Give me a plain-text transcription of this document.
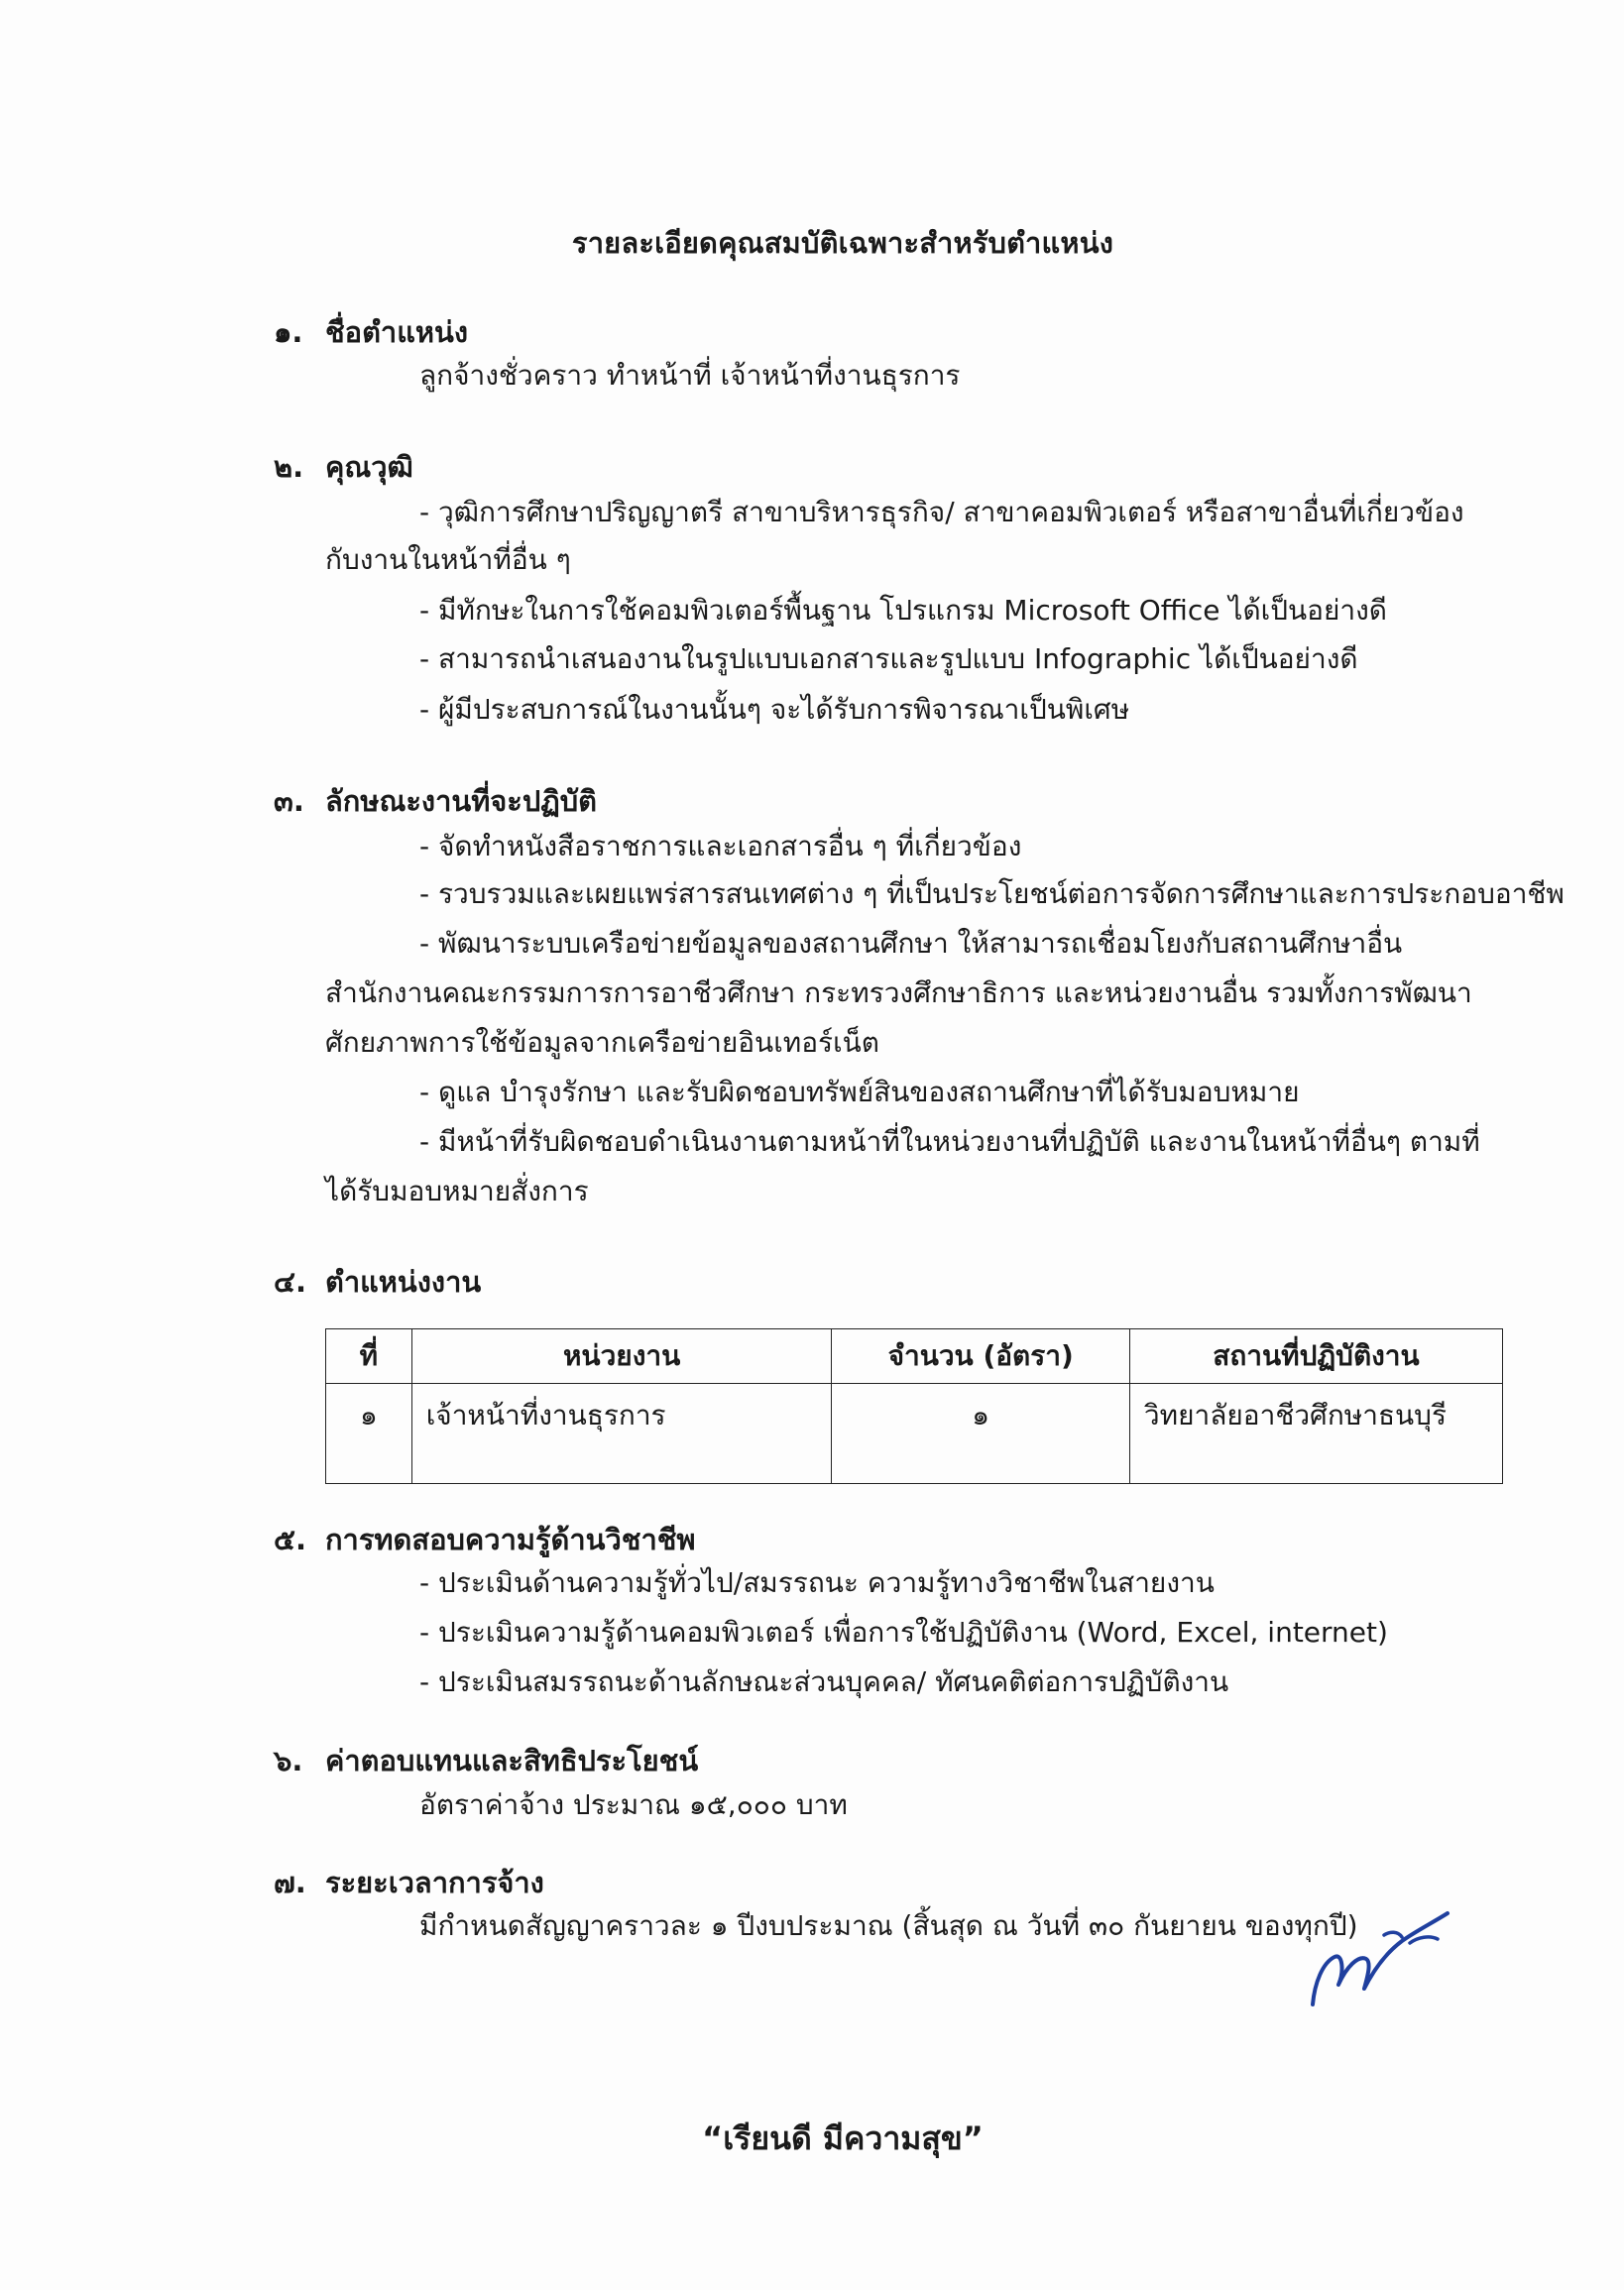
รายละเอียดคุณสมบัติเฉพาะสำหรับตำแหน่ง
๑. ชื่อตำแหน่ง
ลูกจ้างชั่วคราว ทำหน้าที่ เจ้าหน้าที่งานธุรการ
๒. คุณวุฒิ
- วุฒิการศึกษาปริญญาตรี สาขาบริหารธุรกิจ/ สาขาคอมพิวเตอร์ หรือสาขาอื่นที่เกี่ยวข้อง
กับงานในหน้าที่อื่น ๆ
- มีทักษะในการใช้คอมพิวเตอร์พื้นฐาน โปรแกรม Microsoft Office ได้เป็นอย่างดี
- สามารถนำเสนองานในรูปแบบเอกสารและรูปแบบ Infographic ได้เป็นอย่างดี
- ผู้มีประสบการณ์ในงานนั้นๆ จะได้รับการพิจารณาเป็นพิเศษ
๓. ลักษณะงานที่จะปฏิบัติ
- จัดทำหนังสือราชการและเอกสารอื่น ๆ ที่เกี่ยวข้อง
- รวบรวมและเผยแพร่สารสนเทศต่าง ๆ ที่เป็นประโยชน์ต่อการจัดการศึกษาและการประกอบอาชีพ
- พัฒนาระบบเครือข่ายข้อมูลของสถานศึกษา ให้สามารถเชื่อมโยงกับสถานศึกษาอื่น
สำนักงานคณะกรรมการการอาชีวศึกษา กระทรวงศึกษาธิการ และหน่วยงานอื่น รวมทั้งการพัฒนา
ศักยภาพการใช้ข้อมูลจากเครือข่ายอินเทอร์เน็ต
- ดูแล บำรุงรักษา และรับผิดชอบทรัพย์สินของสถานศึกษาที่ได้รับมอบหมาย
- มีหน้าที่รับผิดชอบดำเนินงานตามหน้าที่ในหน่วยงานที่ปฏิบัติ และงานในหน้าที่อื่นๆ ตามที่
ได้รับมอบหมายสั่งการ
๔. ตำแหน่งงาน
ที่	หน่วยงาน	จำนวน (อัตรา)	สถานที่ปฏิบัติงาน
๑	เจ้าหน้าที่งานธุรการ	๑	วิทยาลัยอาชีวศึกษาธนบุรี
๕. การทดสอบความรู้ด้านวิชาชีพ
- ประเมินด้านความรู้ทั่วไป/สมรรถนะ ความรู้ทางวิชาชีพในสายงาน
- ประเมินความรู้ด้านคอมพิวเตอร์ เพื่อการใช้ปฏิบัติงาน (Word, Excel, internet)
- ประเมินสมรรถนะด้านลักษณะส่วนบุคคล/ ทัศนคติต่อการปฏิบัติงาน
๖. ค่าตอบแทนและสิทธิประโยชน์
อัตราค่าจ้าง ประมาณ ๑๕,๐๐๐ บาท
๗. ระยะเวลาการจ้าง
มีกำหนดสัญญาคราวละ ๑ ปีงบประมาณ (สิ้นสุด ณ วันที่ ๓๐ กันยายน ของทุกปี)
“เรียนดี มีความสุข”
